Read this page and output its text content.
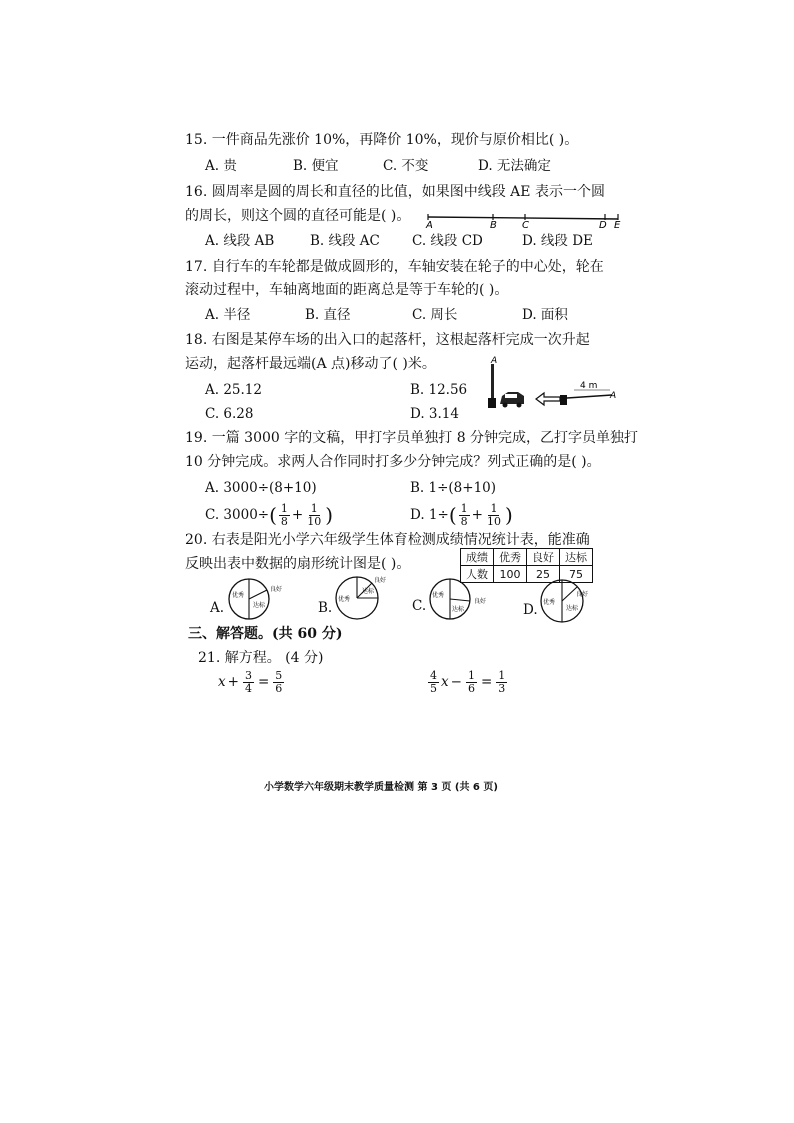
15. 一件商品先涨价 10%，再降价 10%，现价与原价相比( )。
A. 贵	B. 便宜	C. 不变	D. 无法确定
16. 圆周率是圆的周长和直径的比值，如果图中线段 AE 表示一个圆
的周长，则这个圆的直径可能是( )。
A	B	C	D E
A. 线段 AB	B. 线段 AC C. 线段 CD	D. 线段 DE
17. 自行车的车轮都是做成圆形的，车轴安装在轮子的中心处，轮在
滚动过程中，车轴离地面的距离总是等于车轮的( )。
A. 半径	B. 直径	C. 周长	D. 面积
18. 右图是某停车场的出入口的起落杆，这根起落杆完成一次升起
运动，起落杆最远端(A 点)移动了( )米。
A. 25.12	B. 12.56
C. 6.28	D. 3.14
A
4 m
A
19. 一篇 3000 字的文稿，甲打字员单独打 8 分钟完成，乙打字员单独打
10 分钟完成。求两人合作同时打多少分钟完成？列式正确的是( )。
A. 3000÷(8+10)	B. 1÷(8+10)
C. 3000÷ ( $\frac{1}{8} + \frac{1}{10}$ )	D. 1÷ ( $\frac{1}{8} + \frac{1}{10}$ )
20. 右表是阳光小学六年级学生体育检测成绩情况统计表，能准确
反映出表中数据的扇形统计图是( )。	成绩	优秀	良好	达标
人数	100	25	75
A.
优秀
良好
达标	B.
优秀
良好
达标
C.
优秀
良好
达标	D. 优秀
良好
达标
三、解答题。(共 60 分)
21. 解方程。 (4 分)
$x + \frac{3}{4} = \frac{5}{6}$	$\frac{4}{5}$ $x - \frac{1}{6} = \frac{1}{3}$
小学数学六年级期末教学质量检测 第 3 页 (共 6 页)
